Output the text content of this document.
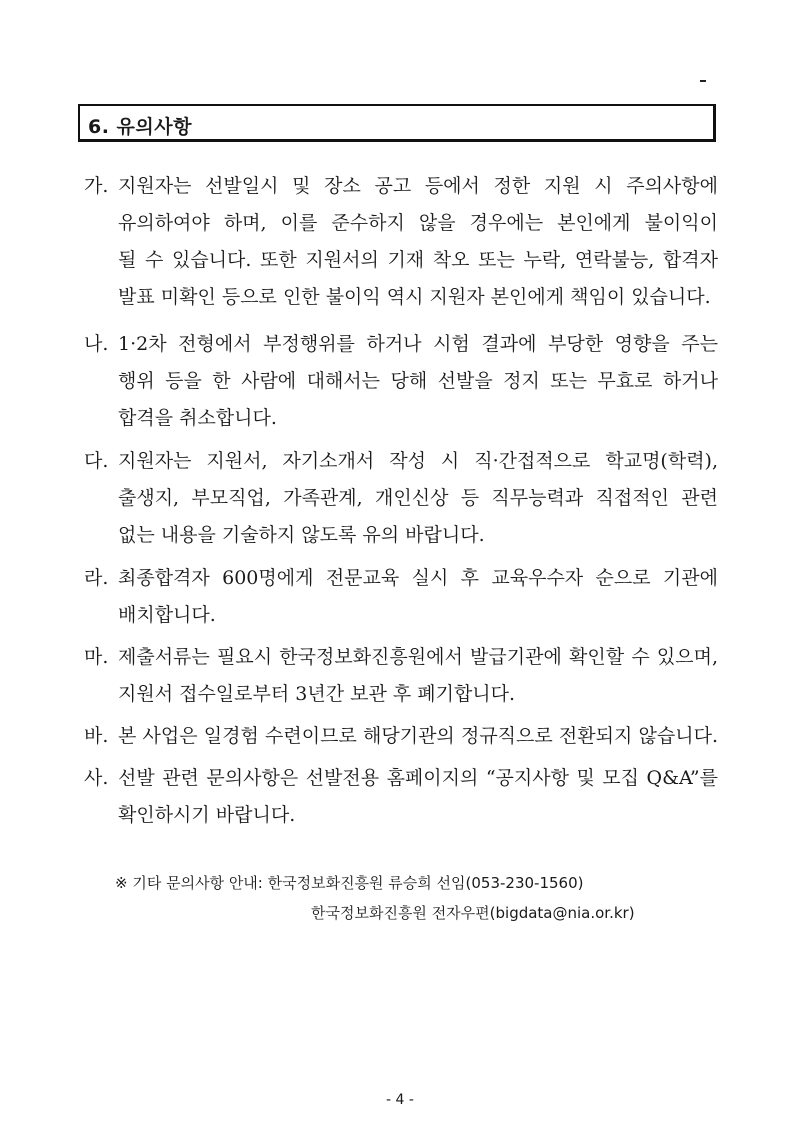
6. 유의사항
가. 지원자는 선발일시 및 장소 공고 등에서 정한 지원 시 주의사항에
유의하여야 하며, 이를 준수하지 않을 경우에는 본인에게 불이익이
될 수 있습니다. 또한 지원서의 기재 착오 또는 누락, 연락불능, 합격자
발표 미확인 등으로 인한 불이익 역시 지원자 본인에게 책임이 있습니다.
나. 1·2차 전형에서 부정행위를 하거나 시험 결과에 부당한 영향을 주는
행위 등을 한 사람에 대해서는 당해 선발을 정지 또는 무효로 하거나
합격을 취소합니다.
다. 지원자는 지원서, 자기소개서 작성 시 직·간접적으로 학교명(학력),
출생지, 부모직업, 가족관계, 개인신상 등 직무능력과 직접적인 관련
없는 내용을 기술하지 않도록 유의 바랍니다.
라. 최종합격자 600명에게 전문교육 실시 후 교육우수자 순으로 기관에
배치합니다.
마. 제출서류는 필요시 한국정보화진흥원에서 발급기관에 확인할 수 있으며,
지원서 접수일로부터 3년간 보관 후 폐기합니다.
바. 본 사업은 일경험 수련이므로 해당기관의 정규직으로 전환되지 않습니다.
사. 선발 관련 문의사항은 선발전용 홈페이지의 “공지사항 및 모집 Q&A”를
확인하시기 바랍니다.
※ 기타 문의사항 안내: 한국정보화진흥원 류승희 선임(053-230-1560)
한국정보화진흥원 전자우편(bigdata@nia.or.kr)
- 4 -
